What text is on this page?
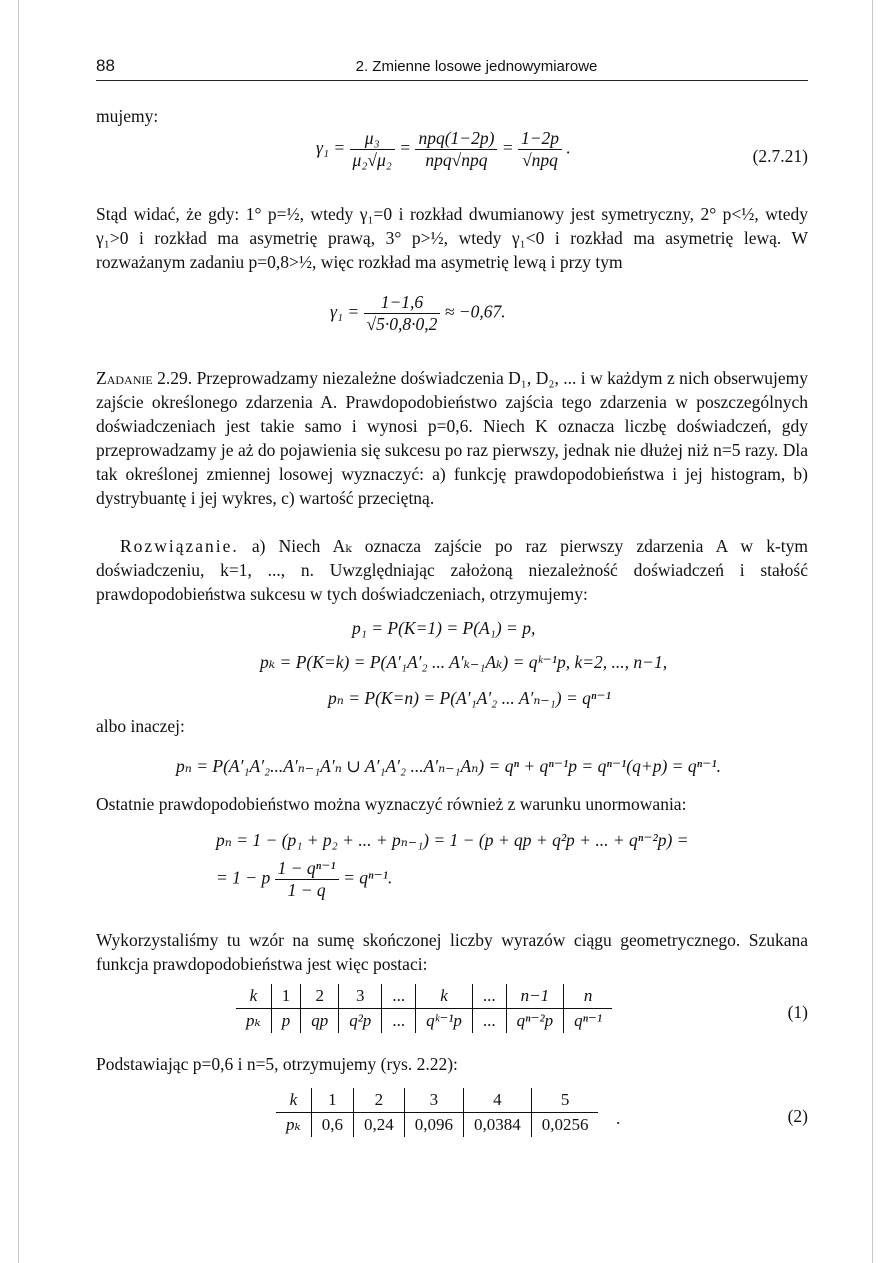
88	2. Zmienne losowe jednowymiarowe
mujemy:
$\gamma_1 = \frac{\text{μ₃}}{\text{μ₂√μ₂}} = \frac{\text{npq(1−2p)}}{\text{npq√npq}} = \frac{1-2p}{\text{√npq}}$ .	(2.7.21)
Stąd widać, że gdy: 1° p=½, wtedy γ₁=0 i rozkład dwumianowy jest symetryczny, 2° p<½, wtedy γ₁>0 i rozkład ma asymetrię prawą, 3° p>½, wtedy γ₁<0 i rozkład ma asymetrię lewą. W rozważanym zadaniu p=0,8>½, więc rozkład ma asymetrię lewą i przy tym
$\gamma_1 = \frac{1-1,6}{√5\cdot 0,8\cdot 0,2} \approx -0,67$.

Zadanie 2.29. Przeprowadzamy niezależne doświadczenia D₁, D₂, ... i w każdym z nich obserwujemy zajście określonego zdarzenia A. Prawdopodobieństwo zajścia tego zdarzenia w poszczególnych doświadczeniach jest takie samo i wynosi p=0,6. Niech K oznacza liczbę doświadczeń, gdy przeprowadzamy je aż do pojawienia się sukcesu po raz pierwszy, jednak nie dłużej niż n=5 razy. Dla tak określonej zmiennej losowej wyznaczyć: a) funkcję prawdopodobieństwa i jej histogram, b) dystrybuantę i jej wykres, c) wartość przeciętną.

Rozwiązanie. a) Niech Aₖ oznacza zajście po raz pierwszy zdarzenia A w k-tym doświadczeniu, k=1, ..., n. Uwzględniając założoną niezależność doświadczeń i stałość prawdopodobieństwa sukcesu w tych doświadczeniach, otrzymujemy:

p₁ = P(K=1) = P(A₁) = p,
pₖ = P(K=k) = P(A′₁A′₂ ... A′ₖ₋₁Aₖ) = qᵏ⁻¹p, k=2, ..., n−1,
pₙ = P(K=n) = P(A′₁A′₂ ... A′ₙ₋₁) = qⁿ⁻¹
albo inaczej:
pₙ = P(A′₁A′₂...A′ₙ₋₁A′ₙ ∪ A′₁A′₂ ...A′ₙ₋₁Aₙ) = qⁿ + qⁿ⁻¹p = qⁿ⁻¹(q+p) = qⁿ⁻¹.
Ostatnie prawdopodobieństwo można wyznaczyć również z warunku unormowania:
pₙ = 1 − (p₁ + p₂ + ... + pₙ₋₁) = 1 − (p + qp + q²p + ... + qⁿ⁻²p) =
= 1 − p $\frac{\text{1 − qⁿ⁻¹}}{1 - q} = q^{n-1}$.
Wykorzystaliśmy tu wzór na sumę skończonej liczby wyrazów ciągu geometrycznego. Szukana funkcja prawdopodobieństwa jest więc postaci:
k	1	2	3	...	k	...	n−1	n
pₖ	p	qp	q²p	...	qᵏ⁻¹p	...	qⁿ⁻²p	qⁿ⁻¹	(1)
Podstawiając p=0,6 i n=5, otrzymujemy (rys. 2.22):
k	1	2	3	4	5
pₖ	0,6	0,24	0,096	0,0384	0,0256 .	(2)
